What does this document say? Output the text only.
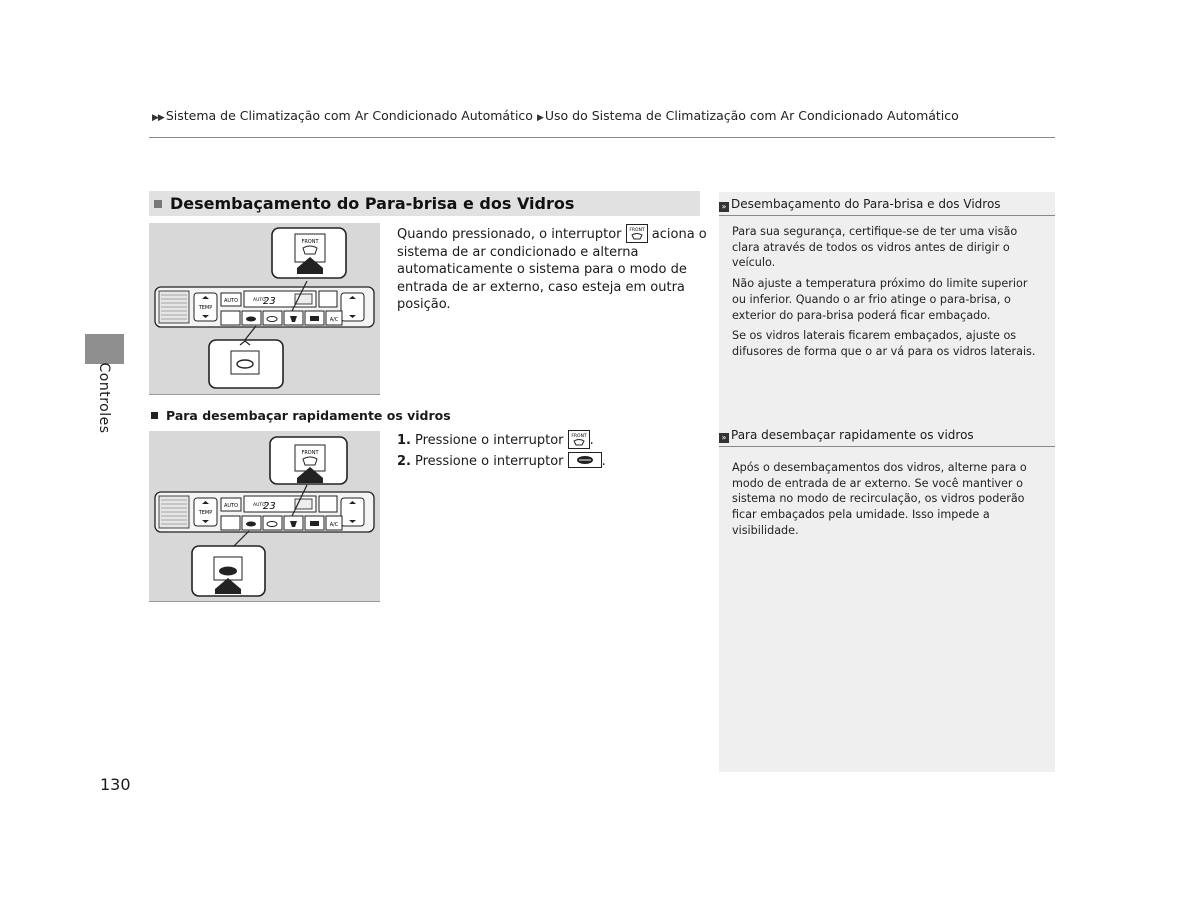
▶▶ Sistema de Climatização com Ar Condicionado Automático ▶ Uso do Sistema de Climatização com Ar Condicionado Automático
Controles
130
Desembaçamento do Para-brisa e dos Vidros
TEMP
AUTO	AUTO
23
A/C
FRONT	Quando pressionado, o interruptor FRONT aciona o sistema de ar condicionado e alterna automaticamente o sistema para o modo de entrada de ar externo, caso esteja em outra posição.
Para desembaçar rapidamente os vidros
TEMP
AUTO	AUTO
23
A/C
FRONT
1. Pressione o interruptor FRONT .
2. Pressione o interruptor	.
» Desembaçamento do Para-brisa e dos Vidros

Para sua segurança, certifique-se de ter uma visão clara através de todos os vidros antes de dirigir o veículo.

Não ajuste a temperatura próximo do limite superior ou inferior. Quando o ar frio atinge o para-brisa, o exterior do para-brisa poderá ficar embaçado.

Se os vidros laterais ficarem embaçados, ajuste os difusores de forma que o ar vá para os vidros laterais.

» Para desembaçar rapidamente os vidros

Após o desembaçamentos dos vidros, alterne para o modo de entrada de ar externo. Se você mantiver o sistema no modo de recirculação, os vidros poderão ficar embaçados pela umidade. Isso impede a visibilidade.
